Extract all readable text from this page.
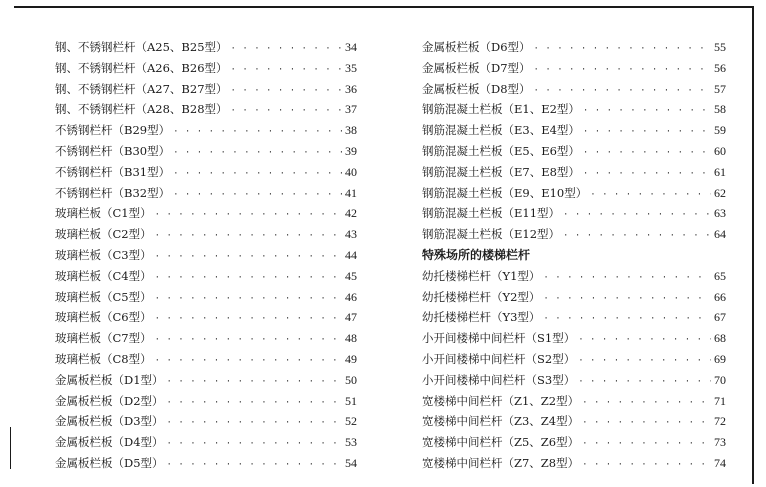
钢、不锈钢栏杆（A25、B25型） · · ·	34
钢、不锈钢栏杆（A26、B26型） · · ·	35
钢、不锈钢栏杆（A27、B27型） · · ·	36
钢、不锈钢栏杆（A28、B28型） · · ·	37
不锈钢栏杆（B29型） · · ·	38
不锈钢栏杆（B30型） · · ·	39
不锈钢栏杆（B31型） · · ·	40
不锈钢栏杆（B32型） · · ·	41
玻璃栏板（C1型） · · ·	42
玻璃栏板（C2型） · · ·	43
玻璃栏板（C3型） · · ·	44
玻璃栏板（C4型） · · ·	45
玻璃栏板（C5型） · · ·	46
玻璃栏板（C6型） · · ·	47
玻璃栏板（C7型） · · ·	48
玻璃栏板（C8型） · · ·	49
金属板栏板（D1型） · · ·	50
金属板栏板（D2型） · · ·	51
金属板栏板（D3型） · · ·	52
金属板栏板（D4型） · · ·	53
金属板栏板（D5型） · · ·	54
金属板栏板（D6型） · · ·	55
金属板栏板（D7型） · · ·	56
金属板栏板（D8型） · · ·	57
钢筋混凝土栏板（E1、E2型） · · ·	58
钢筋混凝土栏板（E3、E4型） · · ·	59
钢筋混凝土栏板（E5、E6型） · · ·	60
钢筋混凝土栏板（E7、E8型） · · ·	61
钢筋混凝土栏板（E9、E10型） · · ·	62
钢筋混凝土栏板（E11型） · · ·	63
钢筋混凝土栏板（E12型） · · ·	64
特殊场所的楼梯栏杆
幼托楼梯栏杆（Y1型） · · ·	65
幼托楼梯栏杆（Y2型） · · ·	66
幼托楼梯栏杆（Y3型） · · ·	67
小开间楼梯中间栏杆（S1型） · · ·	68
小开间楼梯中间栏杆（S2型） · · ·	69
小开间楼梯中间栏杆（S3型） · · ·	70
宽楼梯中间栏杆（Z1、Z2型） · · ·	71
宽楼梯中间栏杆（Z3、Z4型） · · ·	72
宽楼梯中间栏杆（Z5、Z6型） · · ·	73
宽楼梯中间栏杆（Z7、Z8型） · · ·	74
